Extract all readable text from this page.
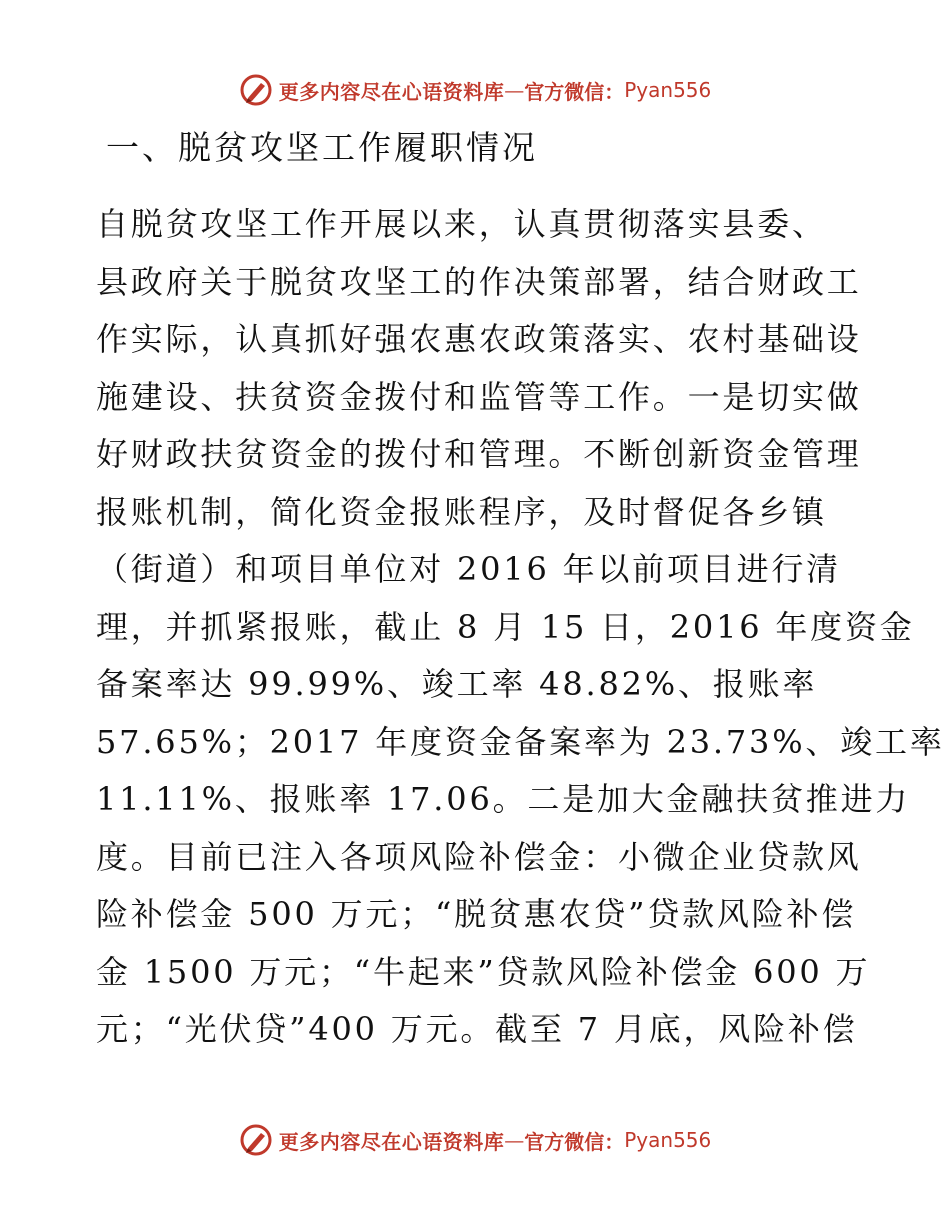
更多内容尽在心语资料库 — 官方微信： Pyan556
一、脱贫攻坚工作履职情况
自脱贫攻坚工作开展以来，认真贯彻落实县委、
县政府关于脱贫攻坚工的作决策部署，结合财政工
作实际，认真抓好强农惠农政策落实、农村基础设
施建设、扶贫资金拨付和监管等工作。一是切实做
好财政扶贫资金的拨付和管理。不断创新资金管理
报账机制，简化资金报账程序，及时督促各乡镇
（街道）和项目单位对 2016 年以前项目进行清
理，并抓紧报账，截止 8 月 15 日，2016 年度资金
备案率达 99.99%、竣工率 48.82%、报账率
57.65%；2017 年度资金备案率为 23.73%、竣工率
11.11%、报账率 17.06。二是加大金融扶贫推进力
度。目前已注入各项风险补偿金：小微企业贷款风
险补偿金 500 万元；“脱贫惠农贷”贷款风险补偿
金 1500 万元；“牛起来”贷款风险补偿金 600 万
元；“光伏贷”400 万元。截至 7 月底，风险补偿
更多内容尽在心语资料库 — 官方微信： Pyan556
